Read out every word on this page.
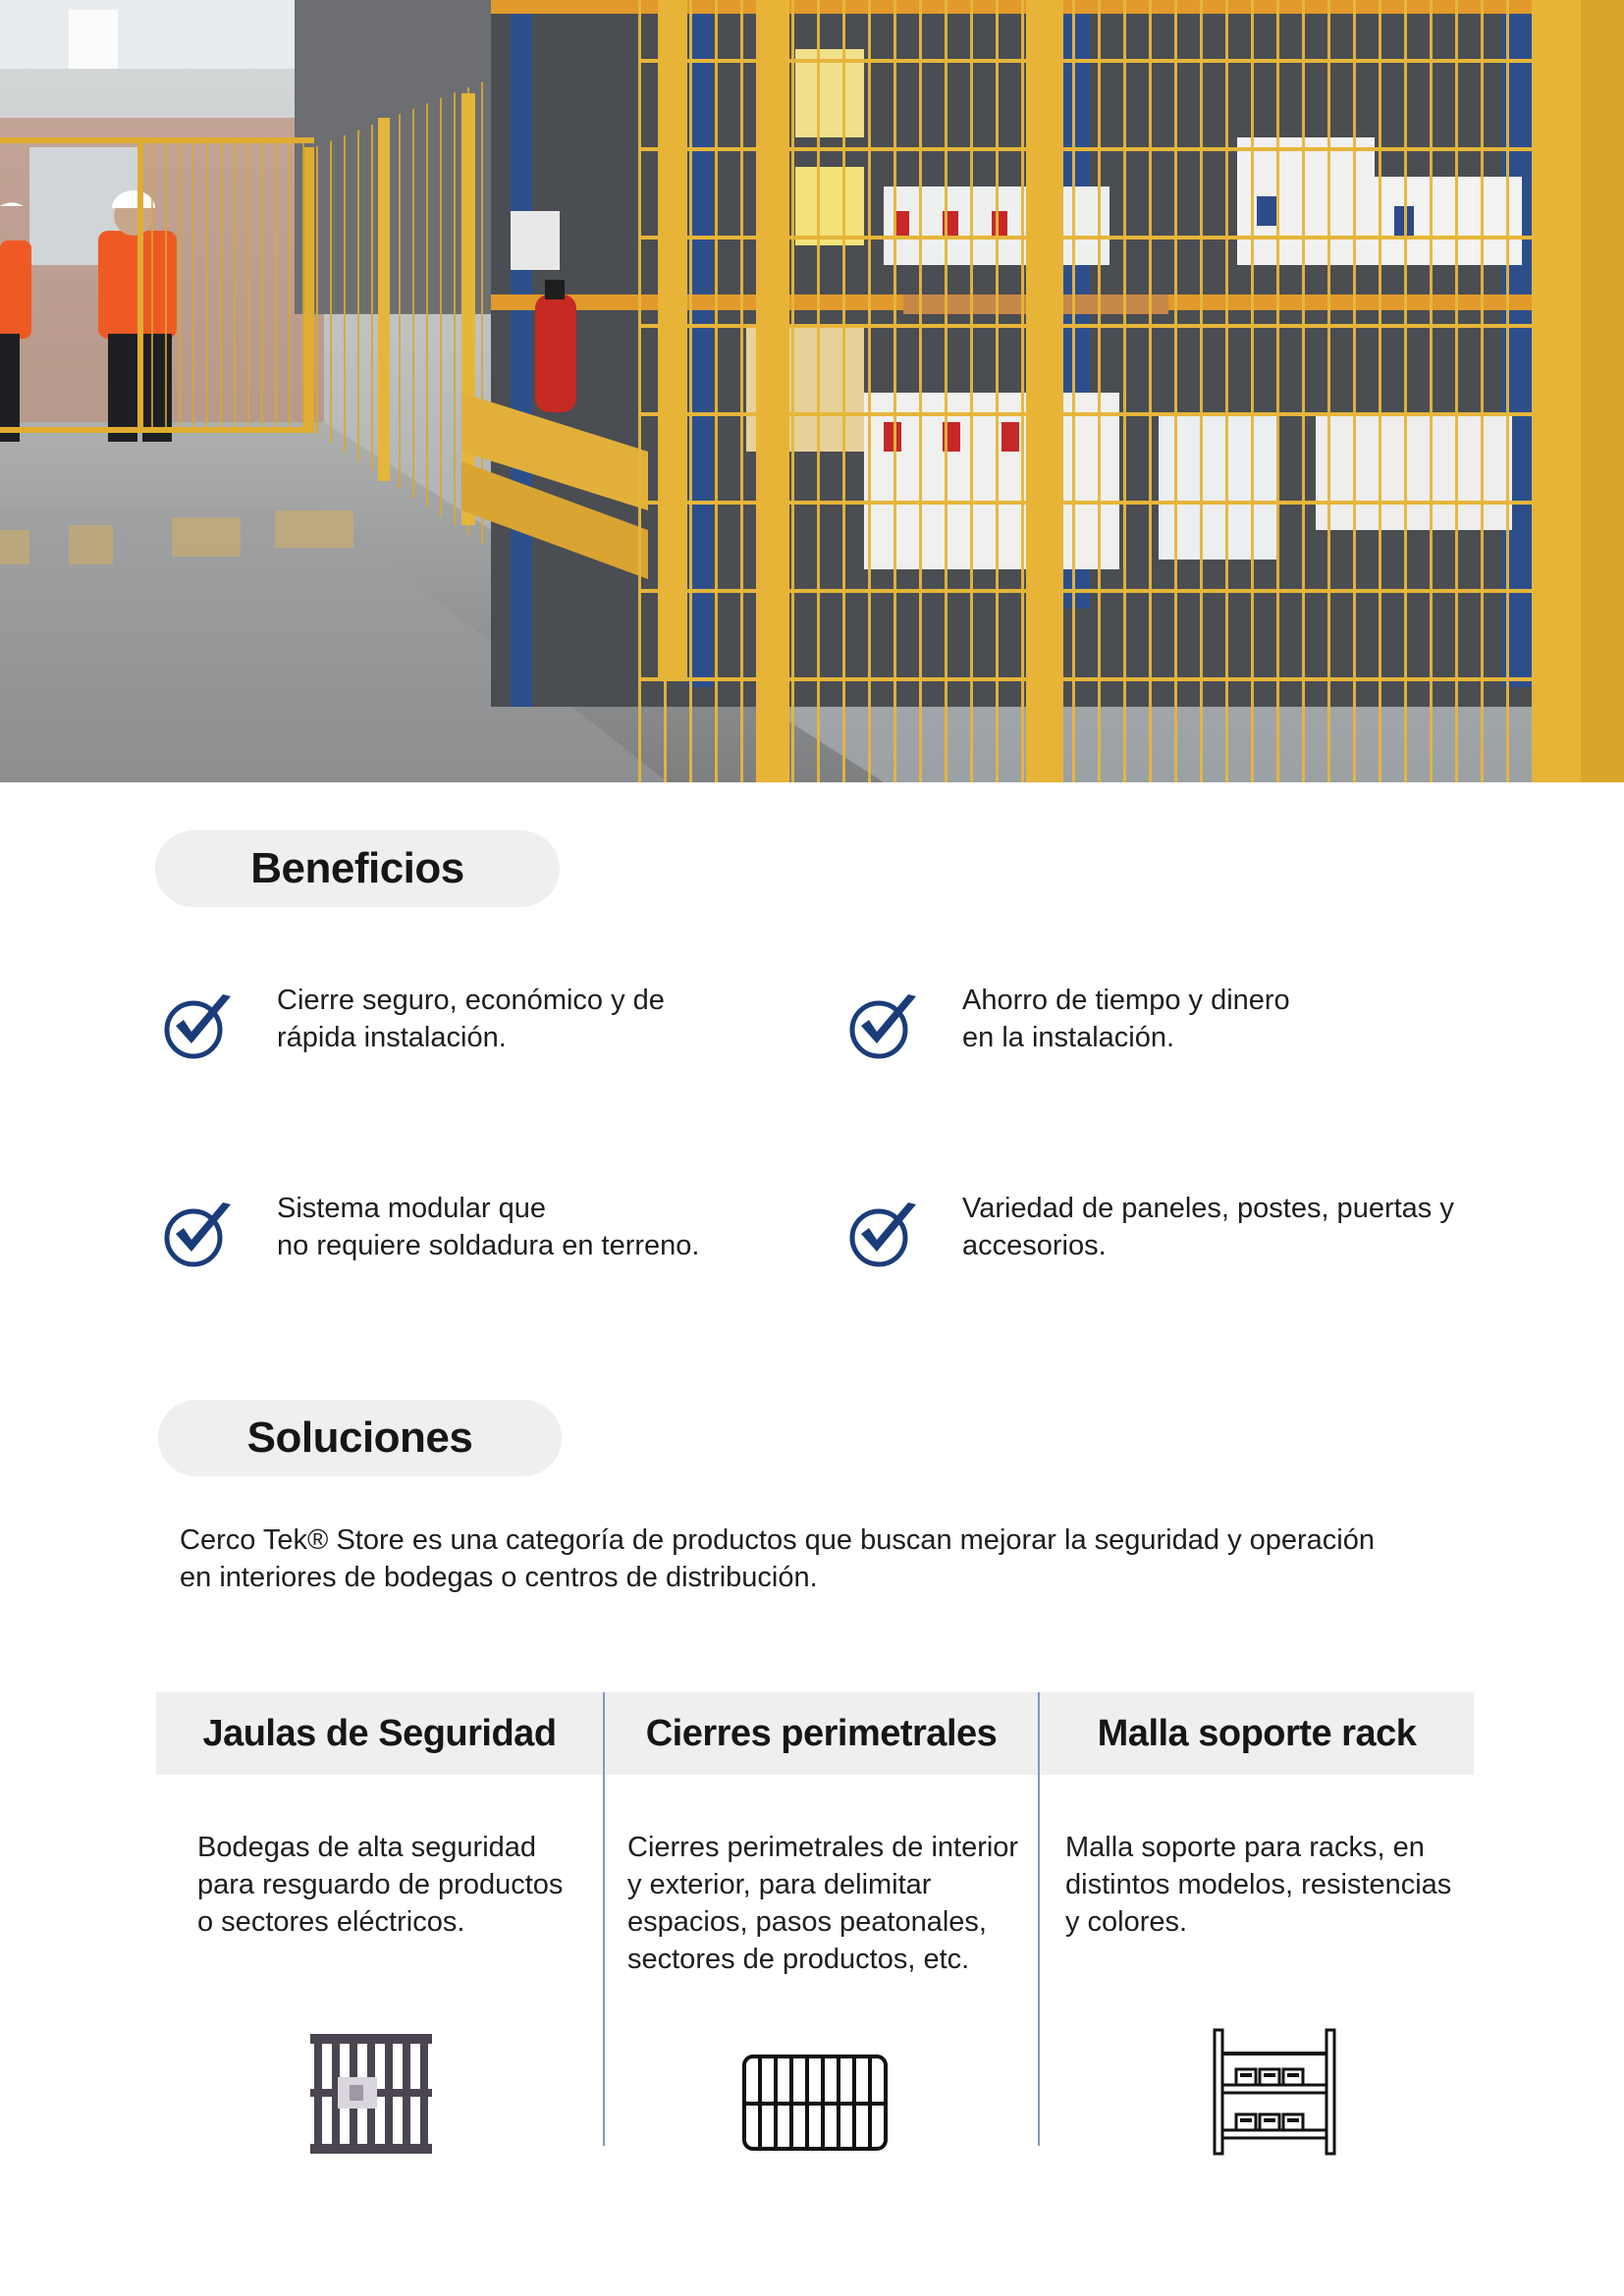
Beneficios
Cierre seguro, económico y de
rápida instalación.
Ahorro de tiempo y dinero
en la instalación.
Sistema modular que
no requiere soldadura en terreno.
Variedad de paneles, postes, puertas y
accesorios.
Soluciones
Cerco Tek® Store es una categoría de productos que buscan mejorar la seguridad y operación
en interiores de bodegas o centros de distribución.
Jaulas de Seguridad
Bodegas de alta seguridad
para resguardo de productos
o sectores eléctricos.
Cierres perimetrales
Cierres perimetrales de interior
y exterior, para delimitar
espacios, pasos peatonales,
sectores de productos, etc.
Malla soporte rack
Malla soporte para racks, en
distintos modelos, resistencias
y colores.
